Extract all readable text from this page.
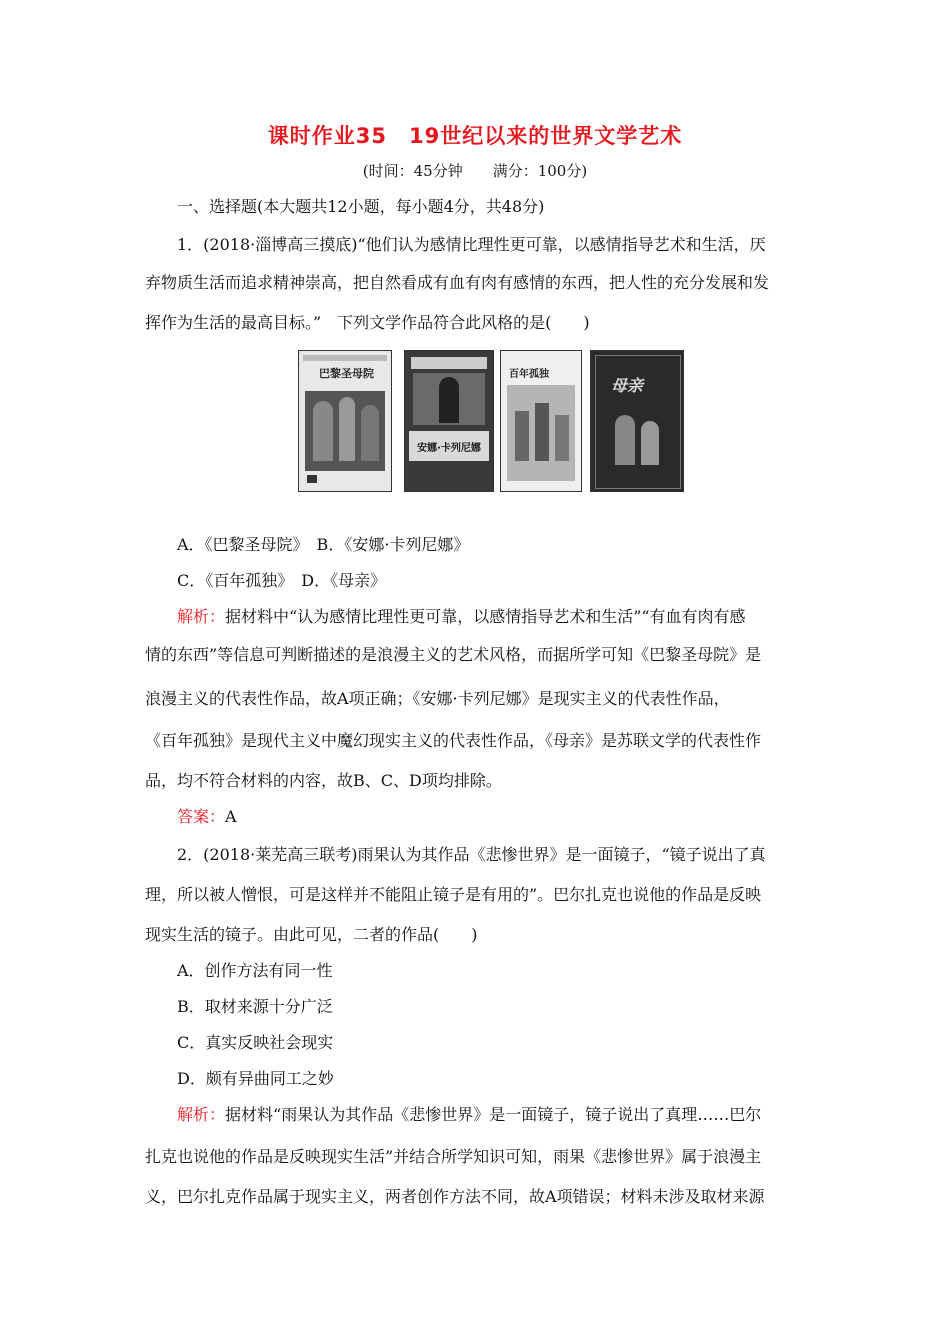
课时作业35　19世纪以来的世界文学艺术
(时间：45分钟　　满分：100分)
一、选择题(本大题共12小题，每小题4分，共48分)
1．(2018·淄博高三摸底)“他们认为感情比理性更可靠，以感情指导艺术和生活，厌
弃物质生活而追求精神崇高，把自然看成有血有肉有感情的东西，把人性的充分发展和发
挥作为生活的最高目标。”　下列文学作品符合此风格的是(　　)
巴黎圣母院
安娜·卡列尼娜
百年孤独
母亲
A．《巴黎圣母院》　B．《安娜·卡列尼娜》
C．《百年孤独》　D．《母亲》
解析：据材料中“认为感情比理性更可靠，以感情指导艺术和生活”“有血有肉有感
情的东西”等信息可判断描述的是浪漫主义的艺术风格，而据所学可知《巴黎圣母院》是
浪漫主义的代表性作品，故A项正确；《安娜·卡列尼娜》是现实主义的代表性作品，
《百年孤独》是现代主义中魔幻现实主义的代表性作品，《母亲》是苏联文学的代表性作
品，均不符合材料的内容，故B、C、D项均排除。
答案：A
2．(2018·莱芜高三联考)雨果认为其作品《悲惨世界》是一面镜子，“镜子说出了真
理，所以被人憎恨，可是这样并不能阻止镜子是有用的”。巴尔扎克也说他的作品是反映
现实生活的镜子。由此可见，二者的作品(　　)
A．创作方法有同一性
B．取材来源十分广泛
C．真实反映社会现实
D．颇有异曲同工之妙
解析：据材料“雨果认为其作品《悲惨世界》是一面镜子，镜子说出了真理……巴尔
扎克也说他的作品是反映现实生活”并结合所学知识可知，雨果《悲惨世界》属于浪漫主
义，巴尔扎克作品属于现实主义，两者创作方法不同，故A项错误；材料未涉及取材来源
